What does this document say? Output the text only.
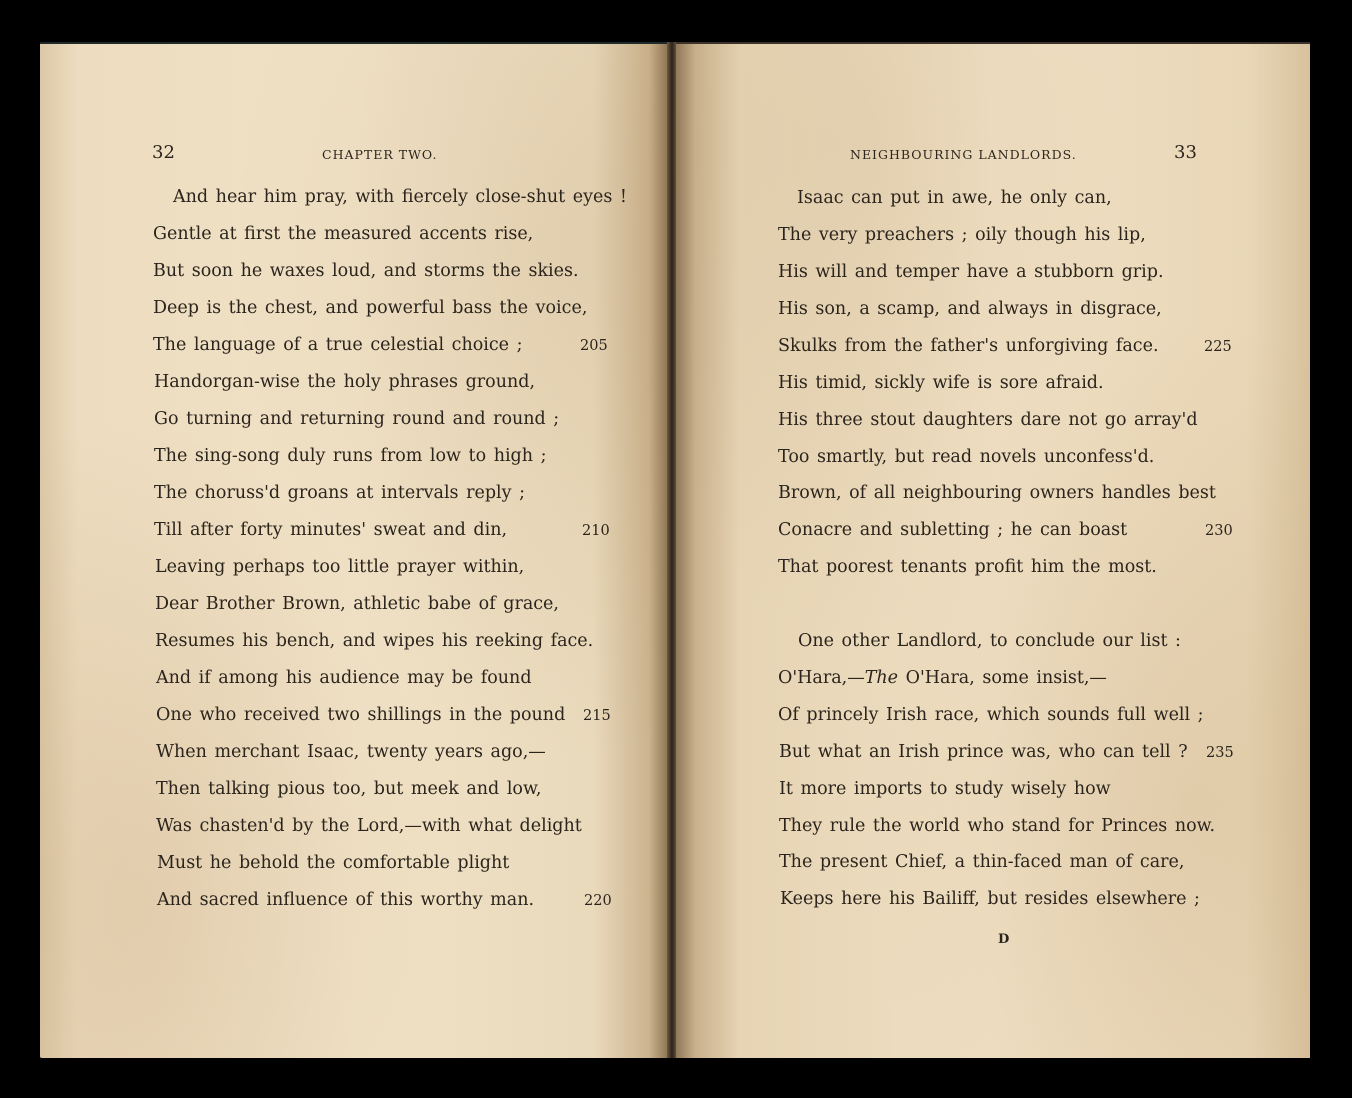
32	CHAPTER TWO.
And hear him pray, with fiercely close-shut eyes !
Gentle at first the measured accents rise,
But soon he waxes loud, and storms the skies.
Deep is the chest, and powerful bass the voice,
The language of a true celestial choice ;	205
Handorgan-wise the holy phrases ground,
Go turning and returning round and round ;
The sing-song duly runs from low to high ;
The choruss'd groans at intervals reply ;
Till after forty minutes' sweat and din,	210
Leaving perhaps too little prayer within,
Dear Brother Brown, athletic babe of grace,
Resumes his bench, and wipes his reeking face.
And if among his audience may be found
One who received two shillings in the pound 215
When merchant Isaac, twenty years ago,—
Then talking pious too, but meek and low,
Was chasten'd by the Lord,—with what delight
Must he behold the comfortable plight
And sacred influence of this worthy man.	220
NEIGHBOURING LANDLORDS.	33
Isaac can put in awe, he only can,
The very preachers ; oily though his lip,
His will and temper have a stubborn grip.
His son, a scamp, and always in disgrace,
Skulks from the father's unforgiving face.	225
His timid, sickly wife is sore afraid.
His three stout daughters dare not go array'd
Too smartly, but read novels unconfess'd.
Brown, of all neighbouring owners handles best
Conacre and subletting ; he can boast	230
That poorest tenants profit him the most.
One other Landlord, to conclude our list :
O'Hara,—The O'Hara, some insist,—
Of princely Irish race, which sounds full well ;
But what an Irish prince was, who can tell ? 235
It more imports to study wisely how
They rule the world who stand for Princes now.
The present Chief, a thin-faced man of care,
Keeps here his Bailiff, but resides elsewhere ;
D
